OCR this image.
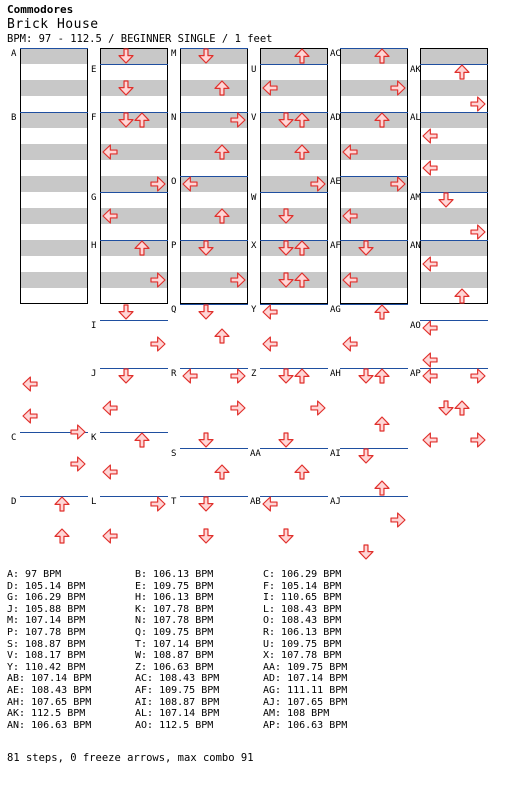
A
B
C
D
E
F
G
H
I
J
K
L
M
N
O
P
Q
R
S
T
U
V
W
X
Y
Z
AA
AB
AC
AD
AE
AF
AG
AH
AI
AJ
AK
AL
AM
AN
AO
AP
Commodores
Brick House
BPM: 97 - 112.5 / BEGINNER SINGLE / 1 feet
A: 97 BPM	B: 106.13 BPM	C: 106.29 BPM
D: 105.14 BPM	E: 109.75 BPM	F: 105.14 BPM
G: 106.29 BPM	H: 106.13 BPM	I: 110.65 BPM
J: 105.88 BPM	K: 107.78 BPM	L: 108.43 BPM
M: 107.14 BPM	N: 107.78 BPM	O: 108.43 BPM
P: 107.78 BPM	Q: 109.75 BPM	R: 106.13 BPM
S: 108.87 BPM	T: 107.14 BPM	U: 109.75 BPM
V: 108.17 BPM	W: 108.87 BPM	X: 107.78 BPM
Y: 110.42 BPM	Z: 106.63 BPM	AA: 109.75 BPM
AB: 107.14 BPM	AC: 108.43 BPM	AD: 107.14 BPM
AE: 108.43 BPM	AF: 109.75 BPM	AG: 111.11 BPM
AH: 107.65 BPM	AI: 108.87 BPM	AJ: 107.65 BPM
AK: 112.5 BPM	AL: 107.14 BPM	AM: 108 BPM
AN: 106.63 BPM	AO: 112.5 BPM	AP: 106.63 BPM
81 steps, 0 freeze arrows, max combo 91
